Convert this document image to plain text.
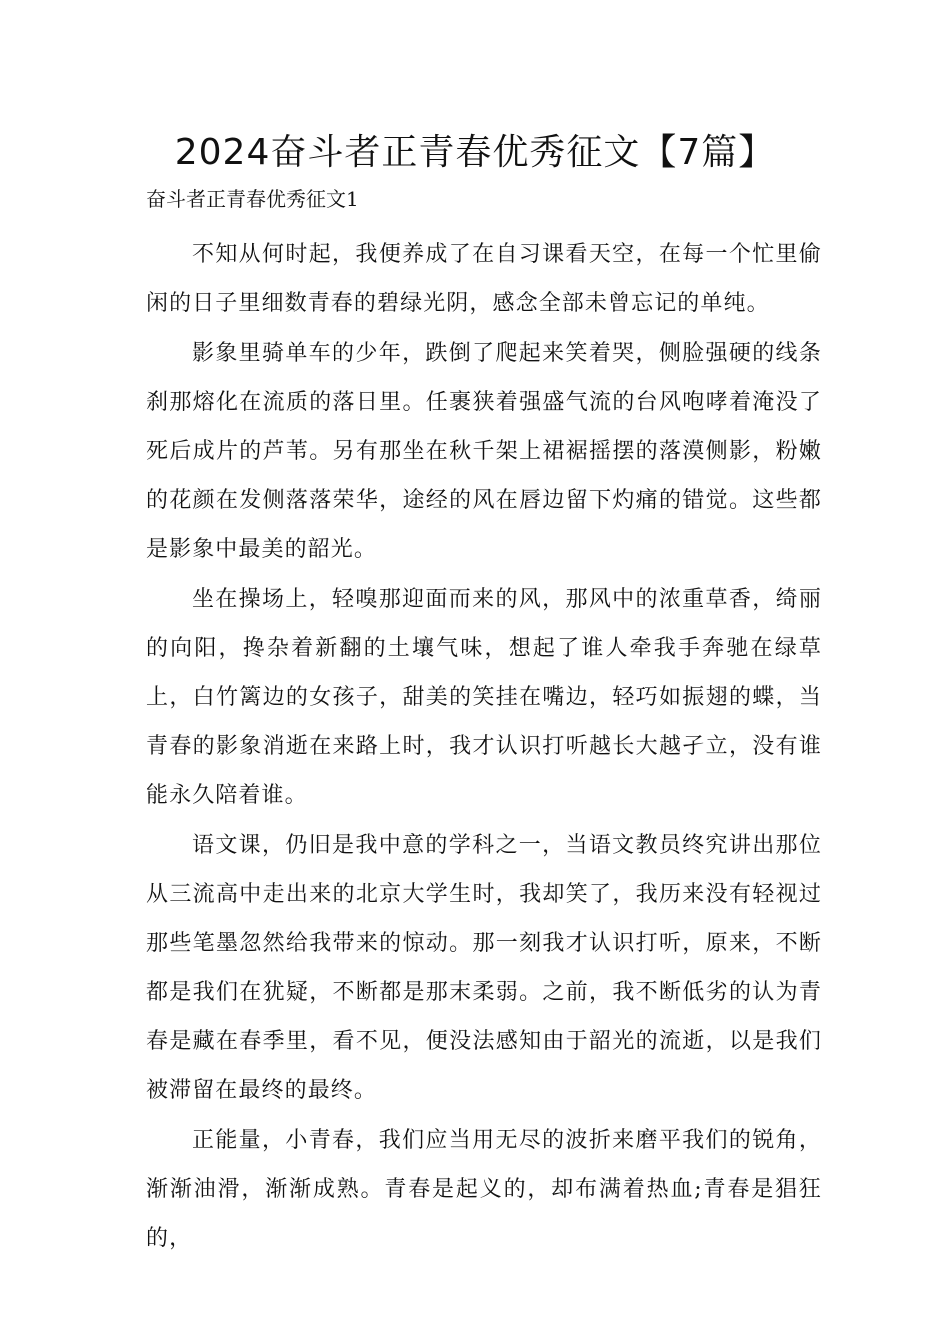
2024奋斗者正青春优秀征文【7篇】
奋斗者正青春优秀征文1

不知从何时起，我便养成了在自习课看天空，在每一个忙里偷闲的日子里细数青春的碧绿光阴，感念全部未曾忘记的单纯。

影象里骑单车的少年，跌倒了爬起来笑着哭，侧脸强硬的线条刹那熔化在流质的落日里。任裹狭着强盛气流的台风咆哮着淹没了死后成片的芦苇。另有那坐在秋千架上裙裾摇摆的落漠侧影，粉嫩的花颜在发侧落落荣华，途经的风在唇边留下灼痛的错觉。这些都是影象中最美的韶光。

坐在操场上，轻嗅那迎面而来的风，那风中的浓重草香，绮丽的向阳，搀杂着新翻的土壤气味，想起了谁人牵我手奔驰在绿草上，白竹篱边的女孩子，甜美的笑挂在嘴边，轻巧如振翅的蝶，当青春的影象消逝在来路上时，我才认识打听越长大越孑立，没有谁能永久陪着谁。

语文课，仍旧是我中意的学科之一，当语文教员终究讲出那位从三流高中走出来的北京大学生时，我却笑了，我历来没有轻视过那些笔墨忽然给我带来的惊动。那一刻我才认识打听，原来，不断都是我们在犹疑，不断都是那末柔弱。之前，我不断低劣的认为青春是藏在春季里，看不见，便没法感知由于韶光的流逝，以是我们被滞留在最终的最终。

正能量，小青春，我们应当用无尽的波折来磨平我们的锐角，渐渐油滑，渐渐成熟。青春是起义的，却布满着热血;青春是猖狂的，
